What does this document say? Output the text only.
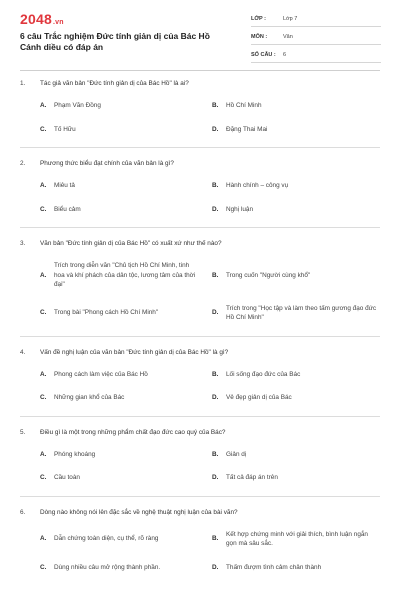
2048.vn
6 câu Trắc nghiệm Đức tính giản dị của Bác Hồ Cánh diều có đáp án
LỚP :	Lớp 7
MÔN :	Văn
SỐ CÂU :	6
1.	Tác giả văn bản "Đức tính giản dị của Bác Hồ" là ai?
A.	Phạm Văn Đồng	B.	Hồ Chí Minh
C.	Tố Hữu	D.	Đặng Thai Mai
2.	Phương thức biểu đạt chính của văn bản là gì?
A.	Miêu tả	B.	Hành chính – công vụ
C.	Biểu cảm	D.	Nghị luận
3.	Văn bản "Đức tính giản dị của Bác Hồ" có xuất xứ như thế nào?
A.
Trích trong diễn văn "Chủ tịch Hồ Chí Minh, tinh hoa và khí phách của dân tộc, lương tâm của thời đại"
B.	Trong cuốn "Người cùng khổ"
C.	Trong bài "Phong cách Hồ Chí Minh"	D.
Trích trong "Học tập và làm theo tấm gương đạo đức Hồ Chí Minh"
4.	Vấn đề nghị luận của văn bản "Đức tính giản dị của Bác Hồ" là gì?
A.	Phong cách làm việc của Bác Hồ	B.	Lối sống đạo đức của Bác
C.	Những gian khổ của Bác	D.	Vẻ đẹp giản dị của Bác
5.	Điều gì là một trong những phẩm chất đạo đức cao quý của Bác?
A.	Phóng khoáng	B.	Giản dị
C.	Cầu toàn	D.	Tất cả đáp án trên
6.	Dòng nào không nói lên đặc sắc về nghệ thuật nghị luận của bài văn?
A.	Dẫn chứng toàn diện, cụ thể, rõ ràng	B.
Kết hợp chứng minh với giải thích, bình luận ngắn gọn mà sâu sắc.
C.	Dùng nhiều câu mở rộng thành phần.	D.	Thấm đượm tình cảm chân thành
